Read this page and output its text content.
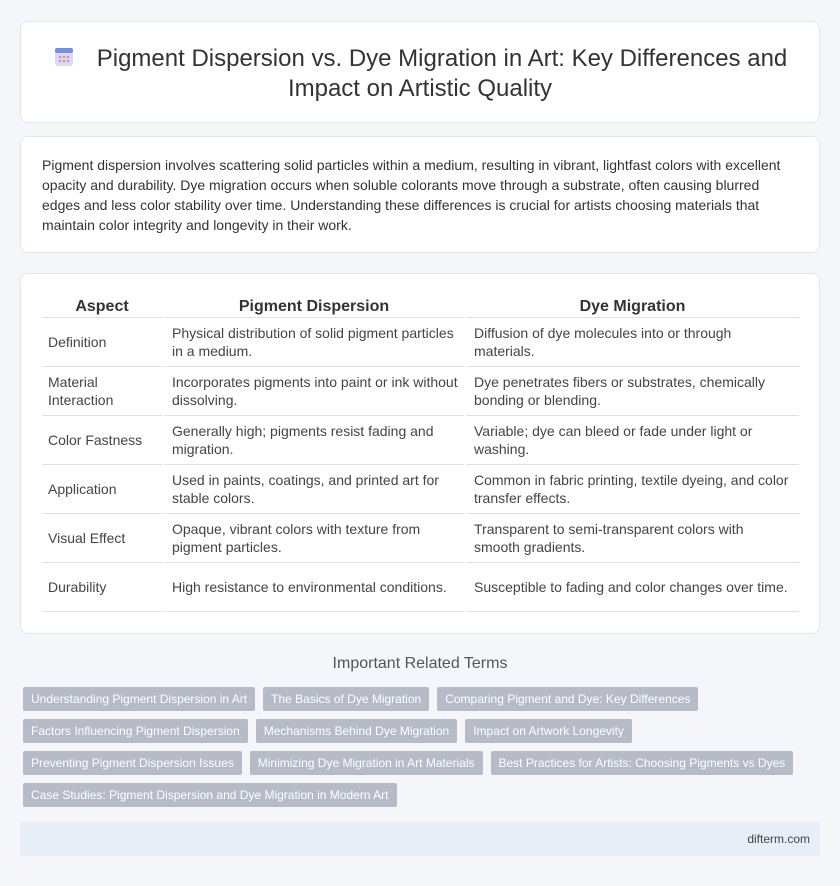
Pigment Dispersion vs. Dye Migration in Art: Key Differences and Impact on Artistic Quality

Pigment dispersion involves scattering solid particles within a medium, resulting in vibrant, lightfast colors with excellent opacity and durability. Dye migration occurs when soluble colorants move through a substrate, often causing blurred edges and less color stability over time. Understanding these differences is crucial for artists choosing materials that maintain color integrity and longevity in their work.

Aspect	Pigment Dispersion	Dye Migration
Definition	Physical distribution of solid pigment particles in a medium.	Diffusion of dye molecules into or through materials.
Material Interaction	Incorporates pigments into paint or ink without dissolving.	Dye penetrates fibers or substrates, chemically bonding or blending.
Color Fastness	Generally high; pigments resist fading and migration.	Variable; dye can bleed or fade under light or washing.
Application	Used in paints, coatings, and printed art for stable colors.	Common in fabric printing, textile dyeing, and color transfer effects.
Visual Effect	Opaque, vibrant colors with texture from pigment particles.	Transparent to semi-transparent colors with smooth gradients.
Durability	High resistance to environmental conditions.	Susceptible to fading and color changes over time.
Important Related Terms
Understanding Pigment Dispersion in Art	The Basics of Dye Migration	Comparing Pigment and Dye: Key Differences
Factors Influencing Pigment Dispersion	Mechanisms Behind Dye Migration	Impact on Artwork Longevity
Preventing Pigment Dispersion Issues	Minimizing Dye Migration in Art Materials	Best Practices for Artists: Choosing Pigments vs Dyes
Case Studies: Pigment Dispersion and Dye Migration in Modern Art
difterm.com
